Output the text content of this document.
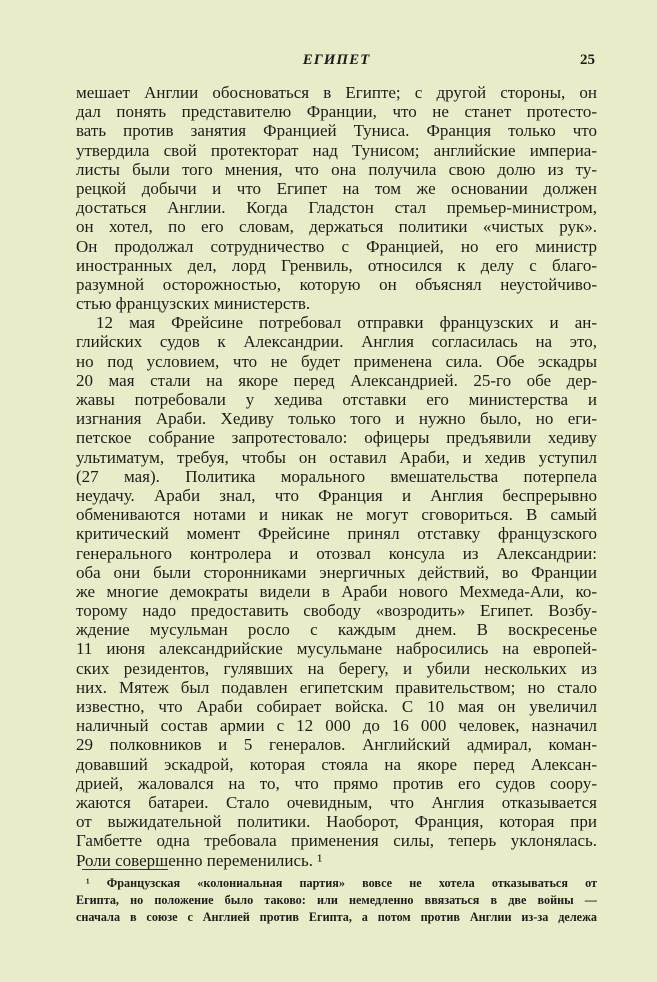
ЕГИПЕТ	25
мешает Англии обосноваться в Египте; с другой стороны, он
дал понять представителю Франции, что не станет протесто-
вать против занятия Францией Туниса. Франция только что
утвердила свой протекторат над Тунисом; английские империа-
листы были того мнения, что она получила свою долю из ту-
рецкой добычи и что Египет на том же основании должен
достаться Англии. Когда Гладстон стал премьер-министром,
он хотел, по его словам, держаться политики «чистых рук».
Он продолжал сотрудничество с Францией, но его министр
иностранных дел, лорд Гренвиль, относился к делу с благо-
разумной осторожностью, которую он объяснял неустойчиво-
стью французских министерств.
12 мая Фрейсине потребовал отправки французских и ан-
глийских судов к Александрии. Англия согласилась на это,
но под условием, что не будет применена сила. Обе эскадры
20 мая стали на якоре перед Александрией. 25-го обе дер-
жавы потребовали у хедива отставки его министерства и
изгнания Араби. Хедиву только того и нужно было, но еги-
петское собрание запротестовало: офицеры предъявили хедиву
ультиматум, требуя, чтобы он оставил Араби, и хедив уступил
(27 мая). Политика морального вмешательства потерпела
неудачу. Араби знал, что Франция и Англия беспрерывно
обмениваются нотами и никак не могут сговориться. В самый
критический момент Фрейсине принял отставку французского
генерального контролера и отозвал консула из Александрии:
оба они были сторонниками энергичных действий, во Франции
же многие демократы видели в Араби нового Мехмеда-Али, ко-
торому надо предоставить свободу «возродить» Египет. Возбу-
ждение мусульман росло с каждым днем. В воскресенье
11 июня александрийские мусульмане набросились на европей-
ских резидентов, гулявших на берегу, и убили нескольких из
них. Мятеж был подавлен египетским правительством; но стало
известно, что Араби собирает войска. С 10 мая он увеличил
наличный состав армии с 12 000 до 16 000 человек, назначил
29 полковников и 5 генералов. Английский адмирал, коман-
довавший эскадрой, которая стояла на якоре перед Алексан-
дрией, жаловался на то, что прямо против его судов соору-
жаются батареи. Стало очевидным, что Англия отказывается
от выжидательной политики. Наоборот, Франция, которая при
Гамбетте одна требовала применения силы, теперь уклонялась.
Роли совершенно переменились. ¹
¹ Французская «колониальная партия» вовсе не хотела отказываться от
Египта, но положение было таково: или немедленно ввязаться в две войны —
сначала в союзе с Англией против Египта, а потом против Англии из-за дележа
